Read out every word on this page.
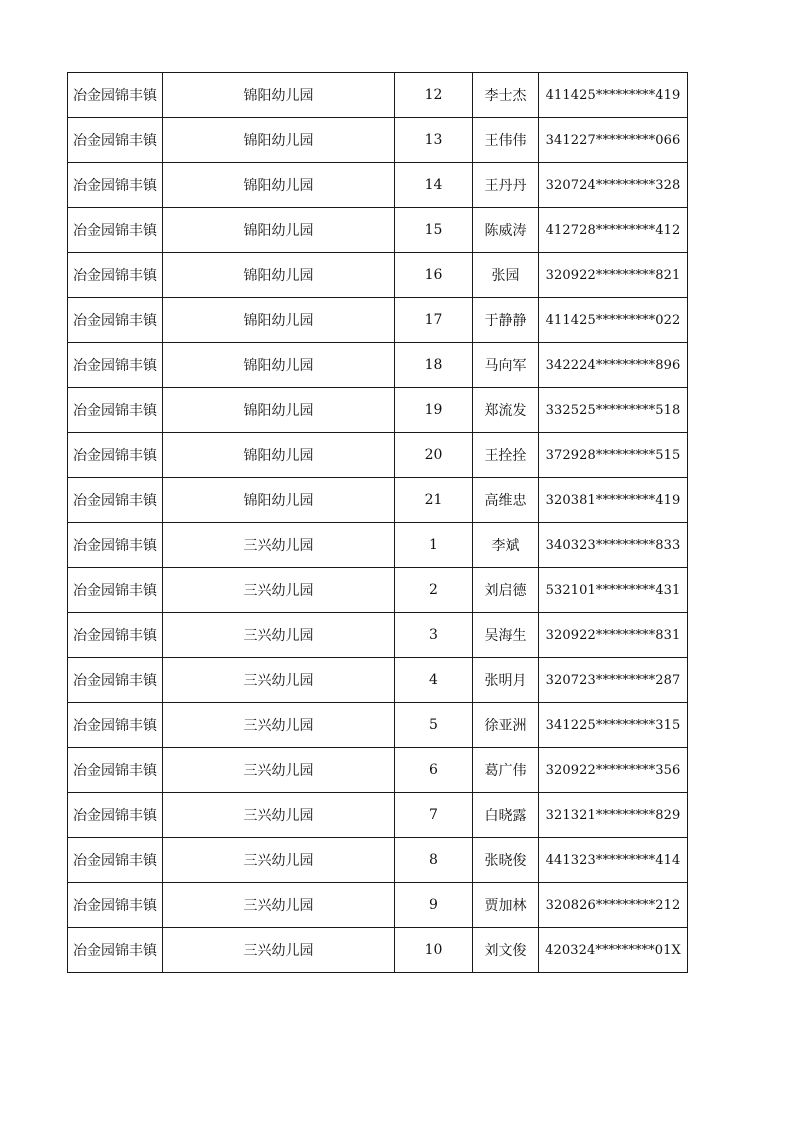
冶金园锦丰镇	锦阳幼儿园	12	李士杰	411425*********419
冶金园锦丰镇	锦阳幼儿园	13	王伟伟	341227*********066
冶金园锦丰镇	锦阳幼儿园	14	王丹丹	320724*********328
冶金园锦丰镇	锦阳幼儿园	15	陈威涛	412728*********412
冶金园锦丰镇	锦阳幼儿园	16	张园	320922*********821
冶金园锦丰镇	锦阳幼儿园	17	于静静	411425*********022
冶金园锦丰镇	锦阳幼儿园	18	马向军	342224*********896
冶金园锦丰镇	锦阳幼儿园	19	郑流发	332525*********518
冶金园锦丰镇	锦阳幼儿园	20	王拴拴	372928*********515
冶金园锦丰镇	锦阳幼儿园	21	高维忠	320381*********419
冶金园锦丰镇	三兴幼儿园	1	李斌	340323*********833
冶金园锦丰镇	三兴幼儿园	2	刘启德	532101*********431
冶金园锦丰镇	三兴幼儿园	3	吴海生	320922*********831
冶金园锦丰镇	三兴幼儿园	4	张明月	320723*********287
冶金园锦丰镇	三兴幼儿园	5	徐亚洲	341225*********315
冶金园锦丰镇	三兴幼儿园	6	葛广伟	320922*********356
冶金园锦丰镇	三兴幼儿园	7	白晓露	321321*********829
冶金园锦丰镇	三兴幼儿园	8	张晓俊	441323*********414
冶金园锦丰镇	三兴幼儿园	9	贾加林	320826*********212
冶金园锦丰镇	三兴幼儿园	10	刘文俊	420324*********01X
